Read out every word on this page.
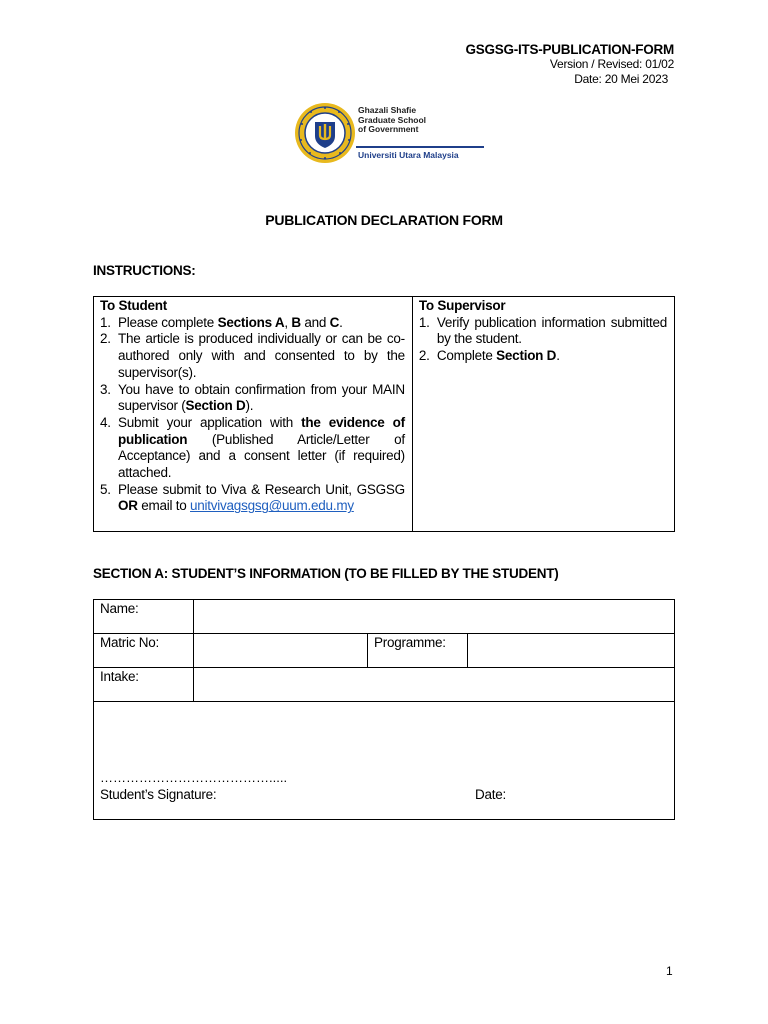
GSGSG-ITS-PUBLICATION-FORM
Version / Revised: 01/02
Date: 20 Mei 2023
Ghazali Shafie
Graduate School
of Government
Universiti Utara Malaysia
PUBLICATION DECLARATION FORM
INSTRUCTIONS:
To Student
1. Please complete Sections A, B and C.
2. The article is produced individually or can be co-authored only with and consented to by the supervisor(s).
3. You have to obtain confirmation from your MAIN supervisor (Section D).
4. Submit your application with the evidence of publication (Published Article/Letter of Acceptance) and a consent letter (if required) attached.
5. Please submit to Viva & Research Unit, GSGSG OR email to unitvivagsgsg@uum.edu.my
To Supervisor
1. Verify publication information submitted by the student.
2. Complete Section D.
SECTION A: STUDENT’S INFORMATION (TO BE FILLED BY THE STUDENT)
Name:
Matric No:	Programme:
Intake:
………………………………….....
Student’s Signature:	Date:
1
